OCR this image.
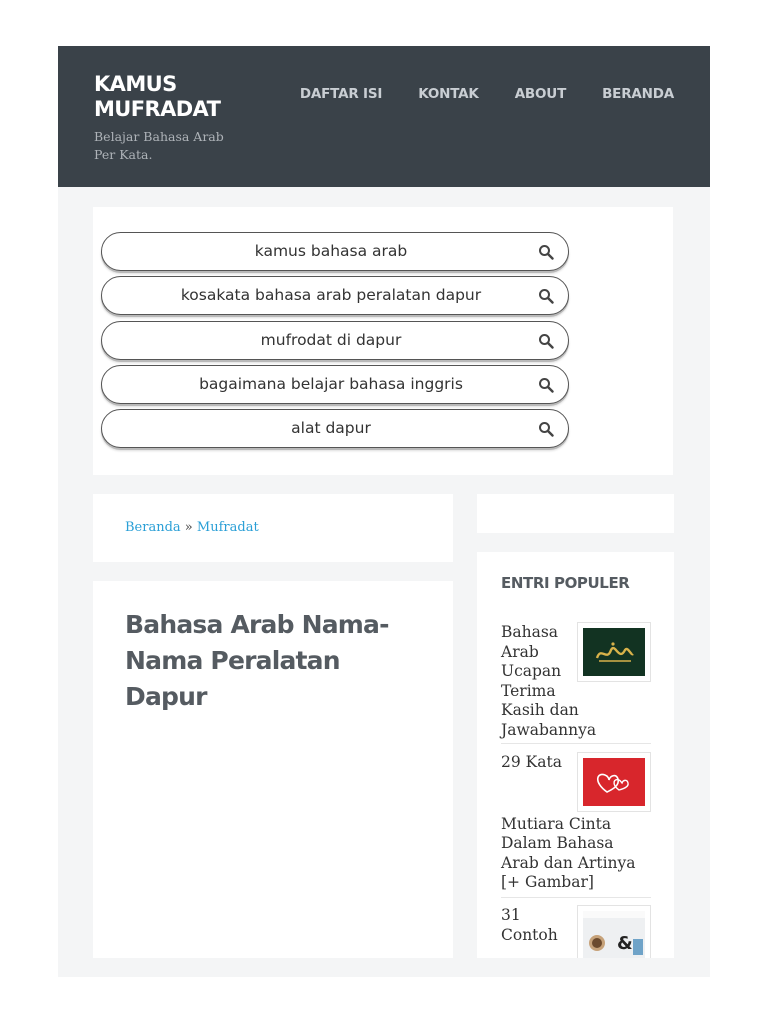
KAMUS MUFRADAT

Belajar Bahasa Arab Per Kata.

DAFTAR ISI	KONTAK	ABOUT	BERANDA
kamus bahasa arab
kosakata bahasa arab peralatan dapur
mufrodat di dapur
bagaimana belajar bahasa inggris
alat dapur
Beranda » Mufradat
Bahasa Arab Nama-Nama Peralatan Dapur
ENTRI POPULER
Bahasa Arab Ucapan Terima Kasih dan Jawabannya
29 Kata
Mutiara Cinta Dalam Bahasa Arab dan Artinya [+ Gambar]
&
31 Contoh
